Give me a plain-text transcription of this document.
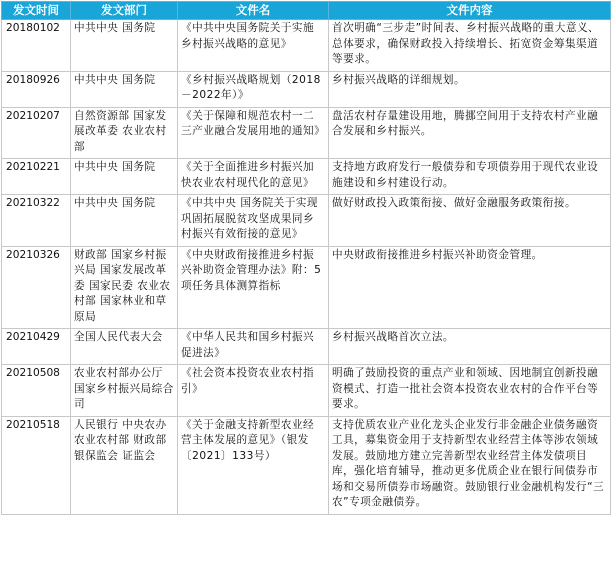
发文时间	发文部门	文件名	文件内容
20180102	中共中央 国务院	《中共中央国务院关于实施乡村振兴战略的意见》	首次明确“三步走”时间表、乡村振兴战略的重大意义、总体要求，确保财政投入持续增长、拓宽资金筹集渠道等要求。
20180926	中共中央 国务院	《乡村振兴战略规划（2018－2022年）》	乡村振兴战略的详细规划。
20210207	自然资源部 国家发展改革委 农业农村部	《关于保障和规范农村一二三产业融合发展用地的通知》	盘活农村存量建设用地，腾挪空间用于支持农村产业融合发展和乡村振兴。
20210221	中共中央 国务院	《关于全面推进乡村振兴加快农业农村现代化的意见》	支持地方政府发行一般债券和专项债券用于现代农业设施建设和乡村建设行动。
20210322	中共中央 国务院	《中共中央 国务院关于实现巩固拓展脱贫攻坚成果同乡村振兴有效衔接的意见》	做好财政投入政策衔接、做好金融服务政策衔接。
20210326	财政部 国家乡村振兴局 国家发展改革委 国家民委 农业农村部 国家林业和草原局	《中央财政衔接推进乡村振兴补助资金管理办法》附：5项任务具体测算指标	中央财政衔接推进乡村振兴补助资金管理。
20210429	全国人民代表大会	《中华人民共和国乡村振兴促进法》	乡村振兴战略首次立法。
20210508	农业农村部办公厅 国家乡村振兴局综合司	《社会资本投资农业农村指引》	明确了鼓励投资的重点产业和领域、因地制宜创新投融资模式、打造一批社会资本投资农业农村的合作平台等要求。
20210518	人民银行 中央农办 农业农村部 财政部 银保监会 证监会	《关于金融支持新型农业经营主体发展的意见》（银发〔2021〕133号）	支持优质农业产业化龙头企业发行非金融企业债务融资工具，募集资金用于支持新型农业经营主体等涉农领域发展。鼓励地方建立完善新型农业经营主体发债项目库，强化培育辅导，推动更多优质企业在银行间债券市场和交易所债券市场融资。鼓励银行业金融机构发行“三农”专项金融债券。
